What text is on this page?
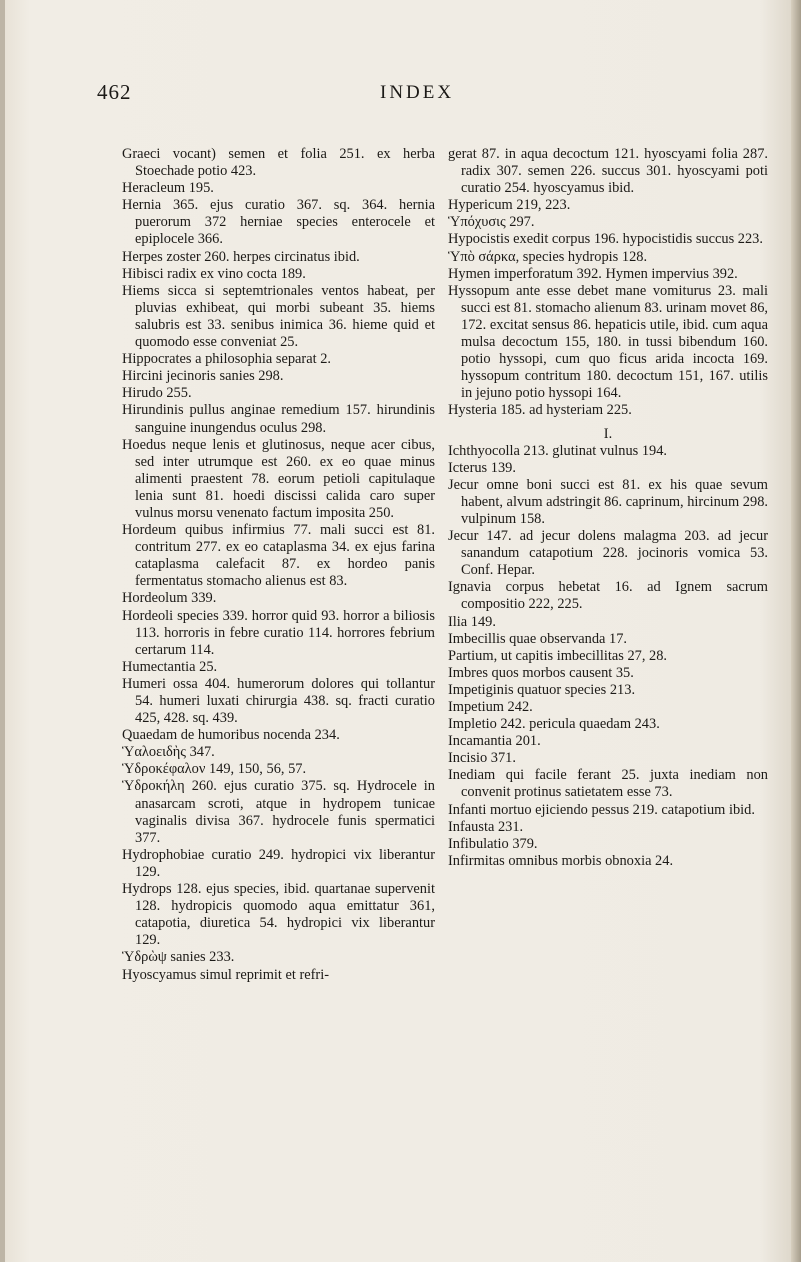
462	INDEX

Graeci vocant) semen et folia 251. ex herba Stoechade potio 423.

Heracleum 195.

Hernia 365. ejus curatio 367. sq. 364. hernia puerorum 372 herniae species enterocele et epiplocele 366.

Herpes zoster 260. herpes circinatus ibid.

Hibisci radix ex vino cocta 189.

Hiems sicca si septemtrionales ventos habeat, per pluvias exhibeat, qui morbi subeant 35. hiems salubris est 33. senibus inimica 36. hieme quid et quomodo esse conveniat 25.

Hippocrates a philosophia separat 2.

Hircini jecinoris sanies 298.

Hirudo 255.

Hirundinis pullus anginae remedium 157. hirundinis sanguine inungendus oculus 298.

Hoedus neque lenis et glutinosus, neque acer cibus, sed inter utrumque est 260. ex eo quae minus alimenti praestent 78. eorum petioli capitulaque lenia sunt 81. hoedi discissi calida caro super vulnus morsu venenato factum imposita 250.

Hordeum quibus infirmius 77. mali succi est 81. contritum 277. ex eo cataplasma 34. ex ejus farina cataplasma calefacit 87. ex hordeo panis fermentatus stomacho alienus est 83.

Hordeolum 339.

Hordeoli species 339. horror quid 93. horror a biliosis 113. horroris in febre curatio 114. horrores febrium certarum 114.

Humectantia 25.

Humeri ossa 404. humerorum dolores qui tollantur 54. humeri luxati chirurgia 438. sq. fracti curatio 425, 428. sq. 439.

Quaedam de humoribus nocenda 234.

Ὑαλοειδὴς 347.

Ὑδροκέφαλον 149, 150, 56, 57.

Ὑδροκήλη 260. ejus curatio 375. sq. Hydrocele in anasarcam scroti, atque in hydropem tunicae vaginalis divisa 367. hydrocele funis spermatici 377.

Hydrophobiae curatio 249. hydropici vix liberantur 129.

Hydrops 128. ejus species, ibid. quartanae supervenit 128. hydropicis quomodo aqua emittatur 361, catapotia, diuretica 54. hydropici vix liberantur 129.

Ὑδρὼψ sanies 233.

Hyoscyamus simul reprimit et refri-

gerat 87. in aqua decoctum 121. hyoscyami folia 287. radix 307. semen 226. succus 301. hyoscyami poti curatio 254. hyoscyamus ibid.

Hypericum 219, 223.

Ὑπόχυσις 297.

Hypocistis exedit corpus 196. hypocistidis succus 223.

Ὑπὸ σάρκα, species hydropis 128.

Hymen imperforatum 392. Hymen impervius 392.

Hyssopum ante esse debet mane vomiturus 23. mali succi est 81. stomacho alienum 83. urinam movet 86, 172. excitat sensus 86. hepaticis utile, ibid. cum aqua mulsa decoctum 155, 180. in tussi bibendum 160. potio hyssopi, cum quo ficus arida incocta 169. hyssopum contritum 180. decoctum 151, 167. utilis in jejuno potio hyssopi 164.

Hysteria 185. ad hysteriam 225.

I.

Ichthyocolla 213. glutinat vulnus 194.

Icterus 139.

Jecur omne boni succi est 81. ex his quae sevum habent, alvum adstringit 86. caprinum, hircinum 298. vulpinum 158.

Jecur 147. ad jecur dolens malagma 203. ad jecur sanandum catapotium 228. jocinoris vomica 53. Conf. Hepar.

Ignavia corpus hebetat 16. ad Ignem sacrum compositio 222, 225.

Ilia 149.

Imbecillis quae observanda 17.

Partium, ut capitis imbecillitas 27, 28.

Imbres quos morbos causent 35.

Impetiginis quatuor species 213.

Impetium 242.

Impletio 242. pericula quaedam 243.

Incamantia 201.

Incisio 371.

Inediam qui facile ferant 25. juxta inediam non convenit protinus satietatem esse 73.

Infanti mortuo ejiciendo pessus 219. catapotium ibid.

Infausta 231.

Infibulatio 379.

Infirmitas omnibus morbis obnoxia 24.
